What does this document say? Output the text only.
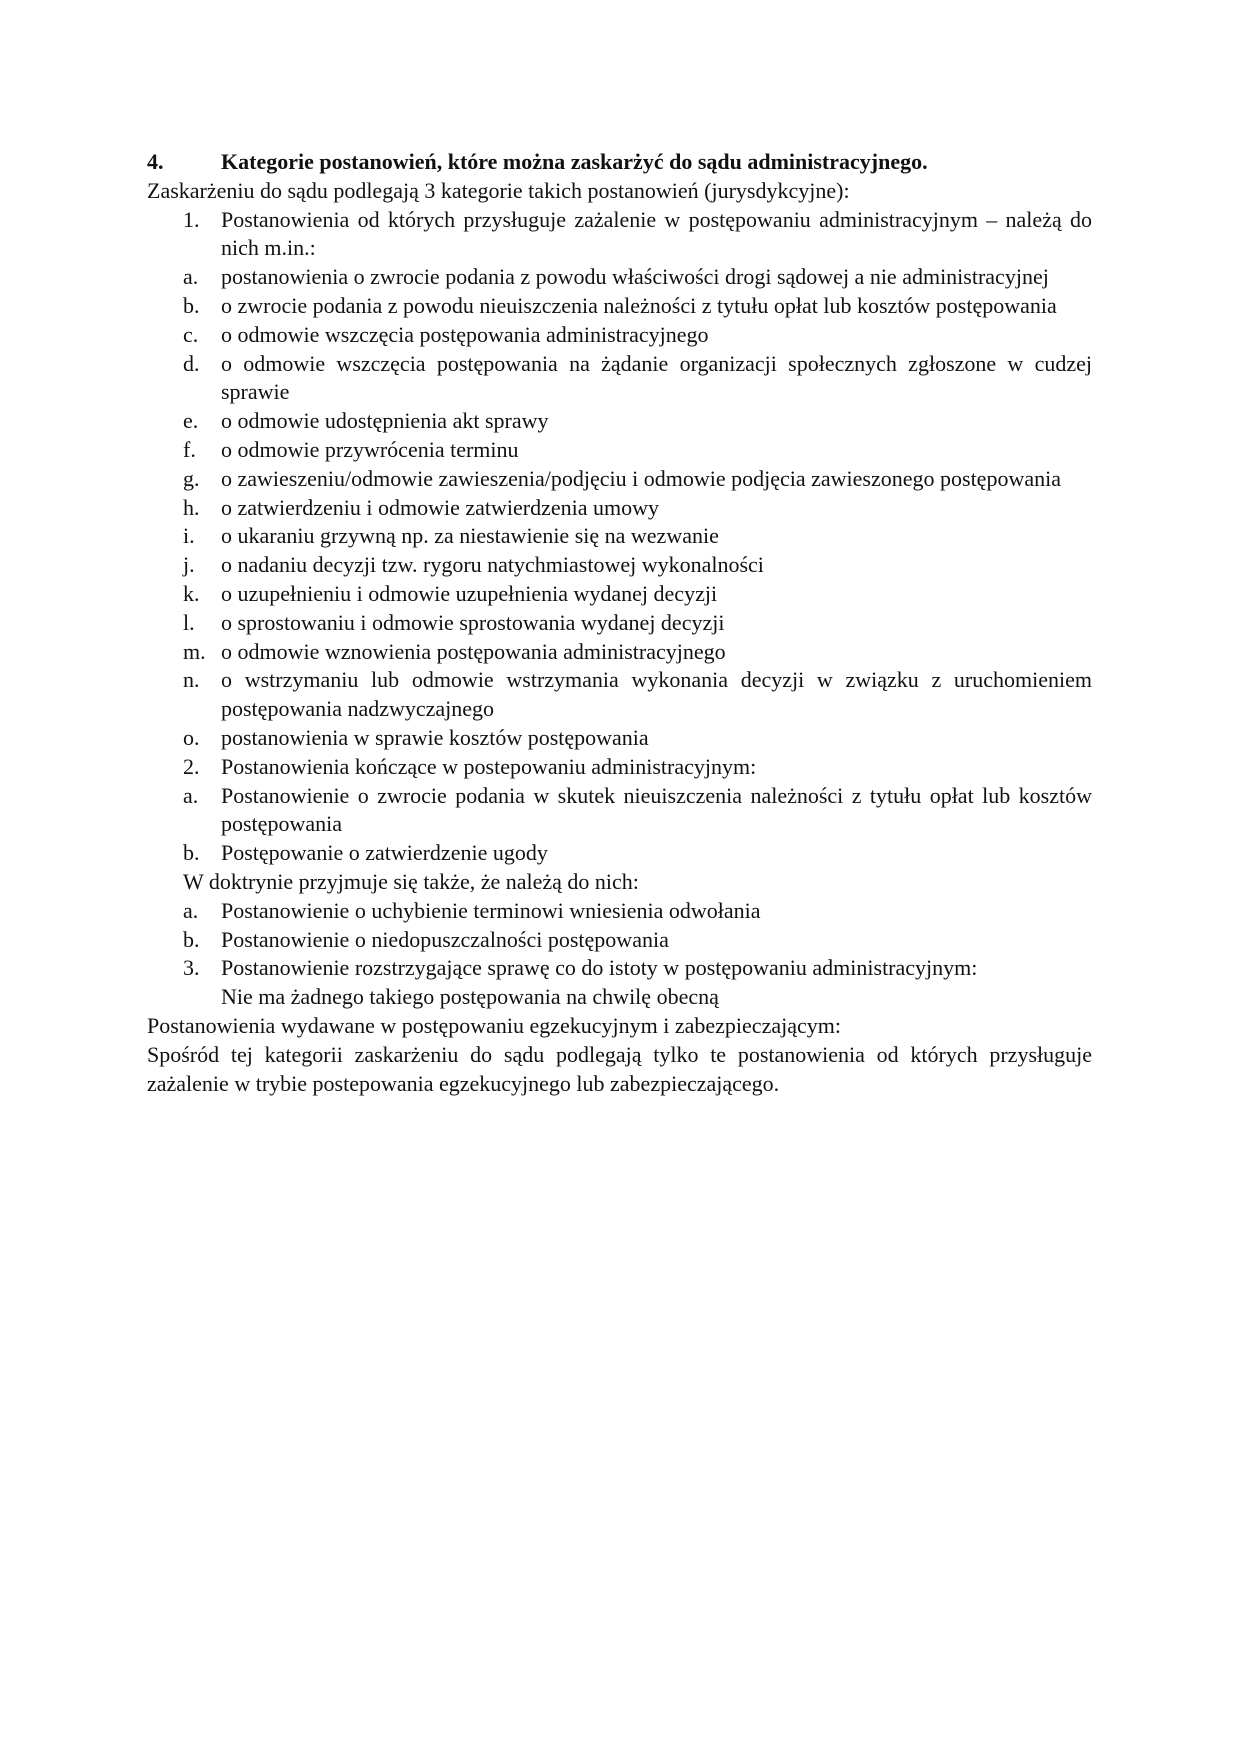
4.	Kategorie postanowień, które można zaskarżyć do sądu administracyjnego.

Zaskarżeniu do sądu podlegają 3 kategorie takich postanowień (jurysdykcyjne):

1. Postanowienia od których przysługuje zażalenie w postępowaniu administracyjnym – należą do nich m.in.:
a.	postanowienia o zwrocie podania z powodu właściwości drogi sądowej a nie administracyjnej
b. o zwrocie podania z powodu nieuiszczenia należności z tytułu opłat lub kosztów postępowania
c.	o odmowie wszczęcia postępowania administracyjnego
d. o odmowie wszczęcia postępowania na żądanie organizacji społecznych zgłoszone w cudzej sprawie
e.	o odmowie udostępnienia akt sprawy
f.	o odmowie przywrócenia terminu
g. o zawieszeniu/odmowie zawieszenia/podjęciu i odmowie podjęcia zawieszonego postępowania
h. o zatwierdzeniu i odmowie zatwierdzenia umowy
i.	o ukaraniu grzywną np. za niestawienie się na wezwanie
j.	o nadaniu decyzji tzw. rygoru natychmiastowej wykonalności
k. o uzupełnieniu i odmowie uzupełnienia wydanej decyzji
l.	o sprostowaniu i odmowie sprostowania wydanej decyzji
m. o odmowie wznowienia postępowania administracyjnego
n. o wstrzymaniu lub odmowie wstrzymania wykonania decyzji w związku z uruchomieniem postępowania nadzwyczajnego
o. postanowienia w sprawie kosztów postępowania
2. Postanowienia kończące w postepowaniu administracyjnym:
a.	Postanowienie o zwrocie podania w skutek nieuiszczenia należności z tytułu opłat lub kosztów postępowania
b. Postępowanie o zatwierdzenie ugody
W doktrynie przyjmuje się także, że należą do nich:
a.	Postanowienie o uchybienie terminowi wniesienia odwołania
b. Postanowienie o niedopuszczalności postępowania
3. Postanowienie rozstrzygające sprawę co do istoty w postępowaniu administracyjnym:
Nie ma żadnego takiego postępowania na chwilę obecną

Postanowienia wydawane w postępowaniu egzekucyjnym i zabezpieczającym:

Spośród tej kategorii zaskarżeniu do sądu podlegają tylko te postanowienia od których przysługuje zażalenie w trybie postepowania egzekucyjnego lub zabezpieczającego.
